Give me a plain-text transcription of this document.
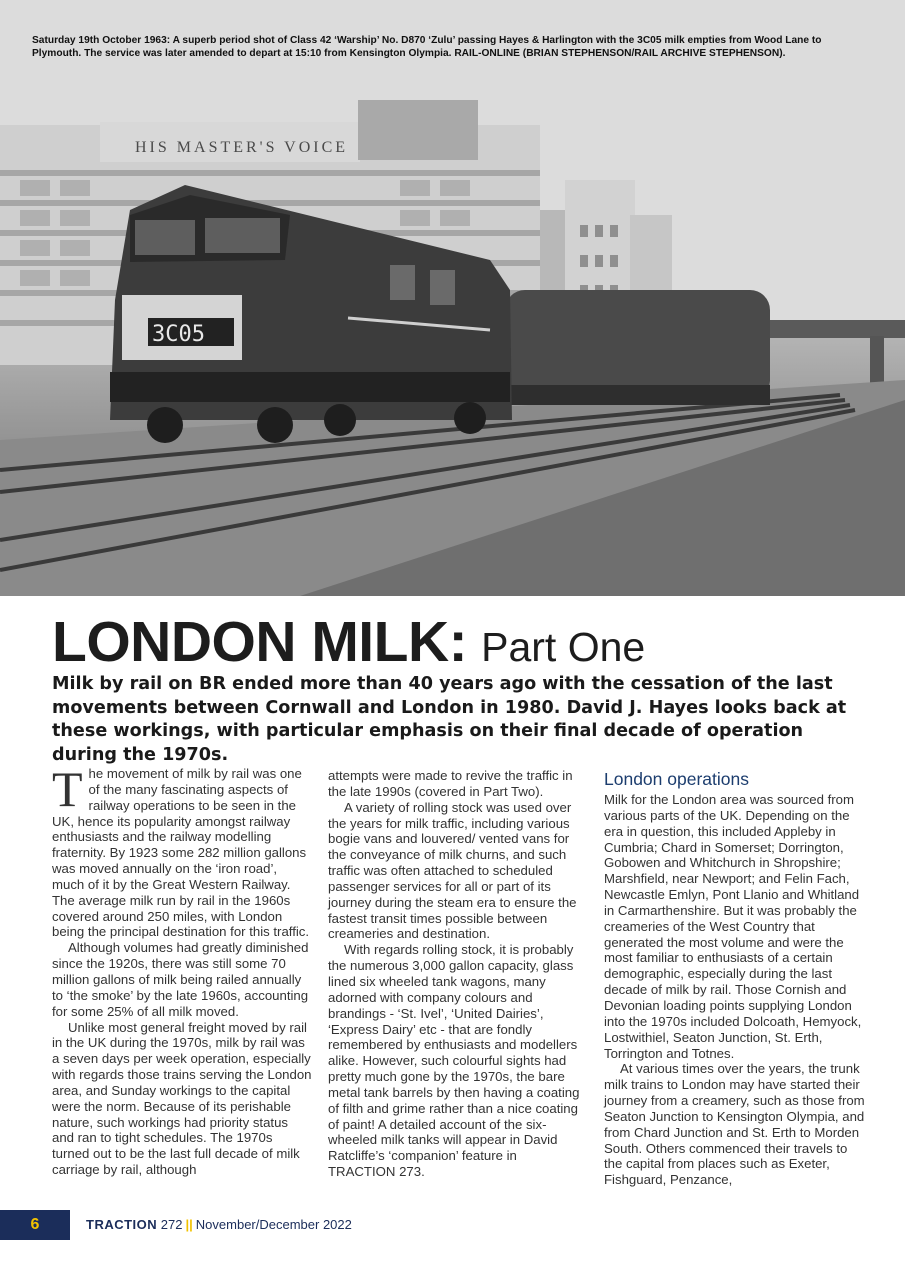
HIS MASTER'S VOICE
3C05
Saturday 19th October 1963: A superb period shot of Class 42 ‘Warship’ No. D870 ‘Zulu’ passing Hayes & Harlington with the 3C05 milk empties from Wood Lane to Plymouth. The service was later amended to depart at 15:10 from Kensington Olympia. RAIL-ONLINE (BRIAN STEPHENSON/RAIL ARCHIVE STEPHENSON).
LONDON MILK: Part One
Milk by rail on BR ended more than 40 years ago with the cessation of the last movements between Cornwall and London in 1980. David J. Hayes looks back at these workings, with particular emphasis on their final decade of operation during the 1970s.

The movement of milk by rail was one of the many fascinating aspects of railway operations to be seen in the UK, hence its popularity amongst railway enthusiasts and the railway modelling fraternity. By 1923 some 282 million gallons was moved annually on the ‘iron road’, much of it by the Great Western Railway. The average milk run by rail in the 1960s covered around 250 miles, with London being the principal destination for this traffic.

Although volumes had greatly diminished since the 1920s, there was still some 70 million gallons of milk being railed annually to ‘the smoke’ by the late 1960s, accounting for some 25% of all milk moved.

Unlike most general freight moved by rail in the UK during the 1970s, milk by rail was a seven days per week operation, especially with regards those trains serving the London area, and Sunday workings to the capital were the norm. Because of its perishable nature, such workings had priority status and ran to tight schedules. The 1970s turned out to be the last full decade of milk carriage by rail, although

attempts were made to revive the traffic in the late 1990s (covered in Part Two).

A variety of rolling stock was used over the years for milk traffic, including various bogie vans and louvered/ vented vans for the conveyance of milk churns, and such traffic was often attached to scheduled passenger services for all or part of its journey during the steam era to ensure the fastest transit times possible between creameries and destination.

With regards rolling stock, it is probably the numerous 3,000 gallon capacity, glass lined six wheeled tank wagons, many adorned with company colours and brandings - ‘St. Ivel’, ‘United Dairies’, ‘Express Dairy’ etc - that are fondly remembered by enthusiasts and modellers alike. However, such colourful sights had pretty much gone by the 1970s, the bare metal tank barrels by then having a coating of filth and grime rather than a nice coating of paint! A detailed account of the six-wheeled milk tanks will appear in David Ratcliffe’s ‘companion’ feature in TRACTION 273.

London operations

Milk for the London area was sourced from various parts of the UK. Depending on the era in question, this included Appleby in Cumbria; Chard in Somerset; Dorrington, Gobowen and Whitchurch in Shropshire; Marshfield, near Newport; and Felin Fach, Newcastle Emlyn, Pont Llanio and Whitland in Carmarthenshire. But it was probably the creameries of the West Country that generated the most volume and were the most familiar to enthusiasts of a certain demographic, especially during the last decade of milk by rail. Those Cornish and Devonian loading points supplying London into the 1970s included Dolcoath, Hemyock, Lostwithiel, Seaton Junction, St. Erth, Torrington and Totnes.

At various times over the years, the trunk milk trains to London may have started their journey from a creamery, such as those from Seaton Junction to Kensington Olympia, and from Chard Junction and St. Erth to Morden South. Others commenced their travels to the capital from places such as Exeter, Fishguard, Penzance,

6	TRACTION 272 || November/December 2022
